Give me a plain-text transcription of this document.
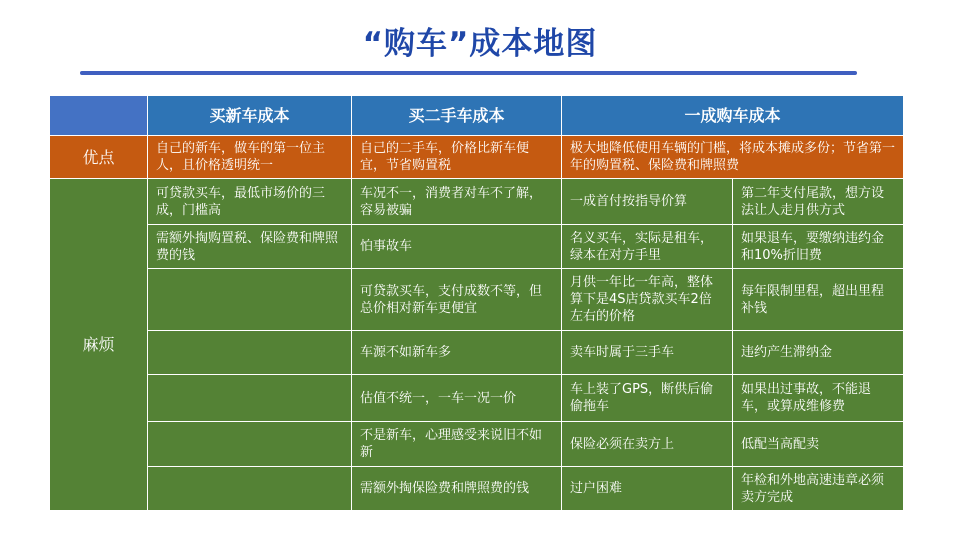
“购车”成本地图
	买新车成本	买二手车成本	一成购车成本	
优点	自己的新车，做车的第一位主人，且价格透明统一	自己的二手车，价格比新车便宜，节省购置税	极大地降低使用车辆的门槛，将成本摊成多份；节省第一年的购置税、保险费和牌照费	
麻烦	可贷款买车，最低市场价的三成，门槛高	车况不一，消费者对车不了解，容易被骗	一成首付按指导价算	第二年支付尾款，想方设法让人走月供方式
	需额外掏购置税、保险费和牌照费的钱	怕事故车	名义买车，实际是租车，绿本在对方手里	如果退车，要缴纳违约金和10%折旧费
		可贷款买车，支付成数不等，但总价相对新车更便宜	月供一年比一年高，整体算下是4S店贷款买车2倍左右的价格	每年限制里程，超出里程补钱
		车源不如新车多	卖车时属于三手车	违约产生滞纳金
		估值不统一，一车一况一价	车上装了GPS，断供后偷偷拖车	如果出过事故，不能退车，或算成维修费
		不是新车，心理感受来说旧不如新	保险必须在卖方上	低配当高配卖
		需额外掏保险费和牌照费的钱	过户困难	年检和外地高速违章必须卖方完成
